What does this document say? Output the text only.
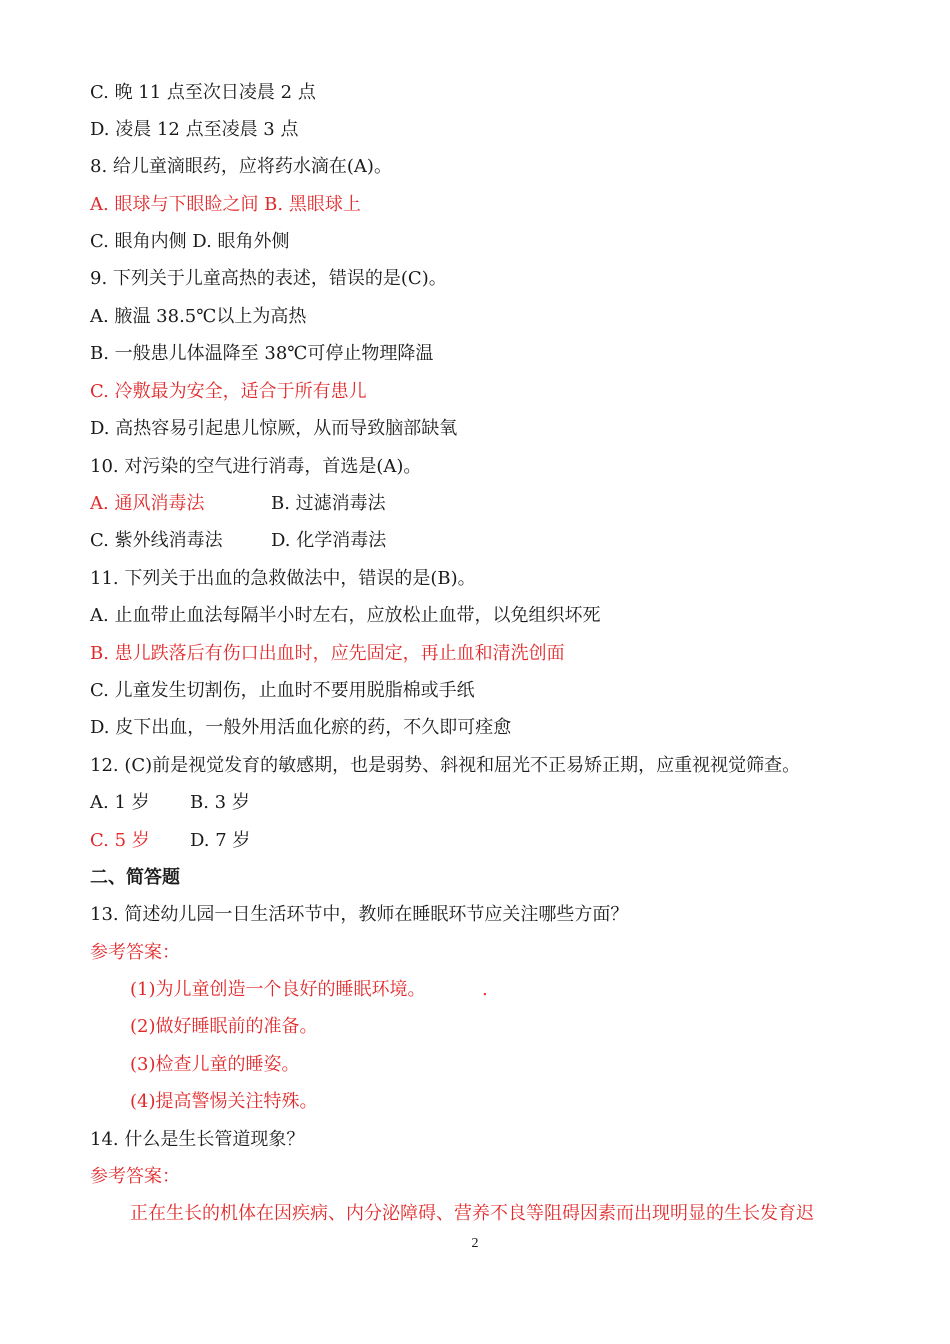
C. 晚 11 点至次日凌晨 2 点
D. 凌晨 12 点至凌晨 3 点
8. 给儿童滴眼药，应将药水滴在(A)。
A. 眼球与下眼睑之间 B. 黑眼球上
C. 眼角内侧 D. 眼角外侧
9. 下列关于儿童高热的表述，错误的是(C)。
A. 腋温 38.5℃以上为高热
B. 一般患儿体温降至 38℃可停止物理降温
C. 冷敷最为安全，适合于所有患儿
D. 高热容易引起患儿惊厥，从而导致脑部缺氧
10. 对污染的空气进行消毒，首选是(A)。
A. 通风消毒法	B. 过滤消毒法
C. 紫外线消毒法	D. 化学消毒法
11. 下列关于出血的急救做法中，错误的是(B)。
A. 止血带止血法每隔半小时左右，应放松止血带，以免组织坏死
B. 患儿跌落后有伤口出血时，应先固定，再止血和清洗创面
C. 儿童发生切割伤，止血时不要用脱脂棉或手纸
D. 皮下出血，一般外用活血化瘀的药，不久即可痊愈
12. (C)前是视觉发育的敏感期，也是弱势、斜视和屈光不正易矫正期，应重视视觉筛查。
A. 1 岁 B. 3 岁
C. 5 岁 D. 7 岁
二、简答题
13. 简述幼儿园一日生活环节中，教师在睡眠环节应关注哪些方面？
参考答案：
(1)为儿童创造一个良好的睡眠环境。	.
(2)做好睡眠前的准备。
(3)检查儿童的睡姿。
(4)提高警惕关注特殊。
14. 什么是生长管道现象？
参考答案：
正在生长的机体在因疾病、内分泌障碍、营养不良等阻碍因素而出现明显的生长发育迟
2
